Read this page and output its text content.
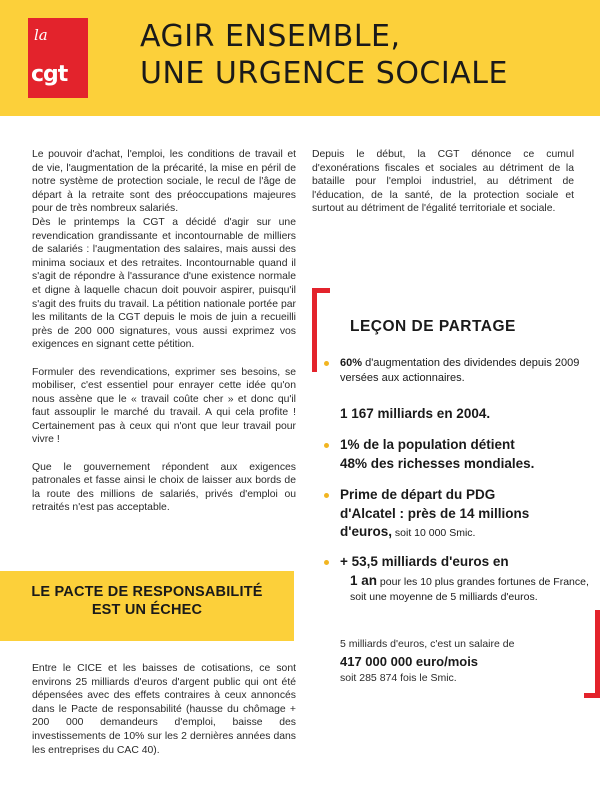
la
cgt
AGIR ENSEMBLE,
UNE URGENCE SOCIALE

Le pouvoir d'achat, l'emploi, les conditions de travail et de vie, l'augmentation de la précarité, la mise en péril de notre système de protection sociale, le recul de l'âge de départ à la retraite sont des préoccupations majeures pour de très nombreux salariés.

Dès le printemps la CGT a décidé d'agir sur une revendication grandissante et incontournable de milliers de salariés : l'augmentation des salaires, mais aussi des minima sociaux et des retraites. Incontournable quand il s'agit de répondre à l'assurance d'une existence normale et digne à laquelle chacun doit pouvoir aspirer, puisqu'il s'agit des fruits du travail. La pétition nationale portée par les militants de la CGT depuis le mois de juin a recueilli près de 200 000 signatures, vous aussi exprimez vos exigences en signant cette pétition.

Formuler des revendications, exprimer ses besoins, se mobiliser, c'est essentiel pour enrayer cette idée qu'on nous assène que le « travail coûte cher » et donc qu'il faut assouplir le marché du travail. A qui cela profite ! Certainement pas à ceux qui n'ont que leur travail pour vivre !

Que le gouvernement répondent aux exigences patronales et fasse ainsi le choix de laisser aux bords de la route des millions de salariés, privés d'emploi ou retraités n'est pas acceptable.

LE PACTE DE RESPONSABILITÉ
EST UN ÉCHEC

Entre le CICE et les baisses de cotisations, ce sont environs 25 milliards d'euros d'argent public qui ont été dépensées avec des effets contraires à ceux annoncés dans le Pacte de responsabilité (hausse du chômage + 200 000 demandeurs d'emploi, baisse des investissements de 10% sur les 2 dernières années dans les entreprises du CAC 40).

Depuis le début, la CGT dénonce ce cumul d'exonérations fiscales et sociales au détriment de la bataille pour l'emploi industriel, au détriment de l'éducation, de la santé, de la protection sociale et surtout au détriment de l'égalité territoriale et sociale.

LEÇON DE PARTAGE
60% d'augmentation des dividendes depuis 2009 versées aux actionnaires.
1 167 milliards en 2004.
1% de la population détient
48% des richesses mondiales.
Prime de départ du PDG
d'Alcatel : près de 14 millions
d'euros, soit 10 000 Smic.
+ 53,5 milliards d'euros en
1 an pour les 10 plus grandes fortunes de France, soit une moyenne de 5 milliards d'euros.
5 milliards d'euros, c'est un salaire de
417 000 000 euro/mois
soit 285 874 fois le Smic.
